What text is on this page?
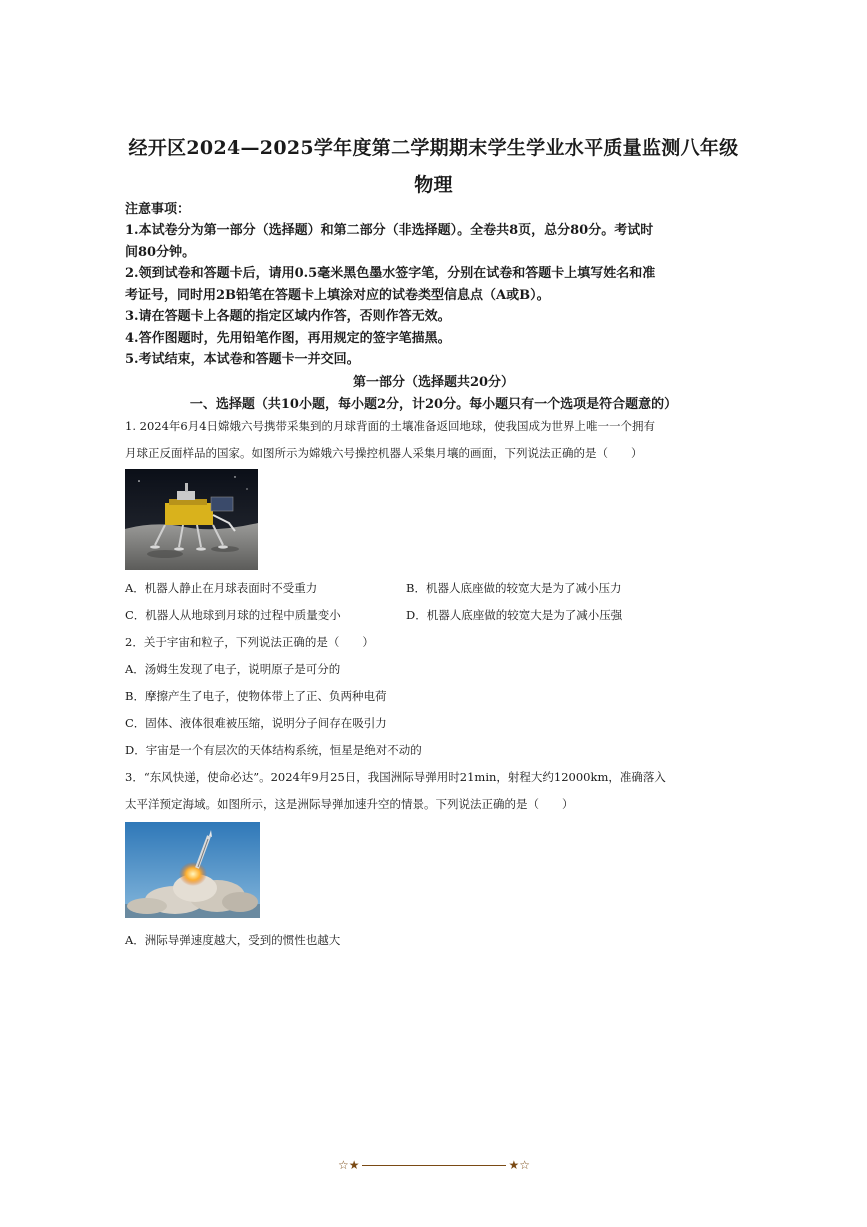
经开区2024—2025学年度第二学期期末学生学业水平质量监测八年级
物理
注意事项：
1.本试卷分为第一部分（选择题）和第二部分（非选择题）。全卷共8页，总分80分。考试时
间80分钟。
2.领到试卷和答题卡后，请用0.5毫米黑色墨水签字笔，分别在试卷和答题卡上填写姓名和准
考证号，同时用2B铅笔在答题卡上填涂对应的试卷类型信息点（A或B）。
3.请在答题卡上各题的指定区域内作答，否则作答无效。
4.答作图题时，先用铅笔作图，再用规定的签字笔描黑。
5.考试结束，本试卷和答题卡一并交回。
第一部分（选择题共20分）
一、选择题（共10小题，每小题2分，计20分。每小题只有一个选项是符合题意的）
1. 2024年6月4日嫦娥六号携带采集到的月球背面的土壤准备返回地球，使我国成为世界上唯一一个拥有
月球正反面样品的国家。如图所示为嫦娥六号操控机器人采集月壤的画面，下列说法正确的是（　　）
A．机器人静止在月球表面时不受重力	B．机器人底座做的较宽大是为了减小压力
C．机器人从地球到月球的过程中质量变小	D．机器人底座做的较宽大是为了减小压强
2．关于宇宙和粒子，下列说法正确的是（　　）
A．汤姆生发现了电子，说明原子是可分的
B．摩擦产生了电子，使物体带上了正、负两种电荷
C．固体、液体很难被压缩，说明分子间存在吸引力
D．宇宙是一个有层次的天体结构系统，恒星是绝对不动的
3．“东风快递，使命必达”。2024年9月25日，我国洲际导弹用时21min，射程大约12000km，准确落入
太平洋预定海域。如图所示，这是洲际导弹加速升空的情景。下列说法正确的是（　　）
A．洲际导弹速度越大，受到的惯性也越大
☆★	★☆
